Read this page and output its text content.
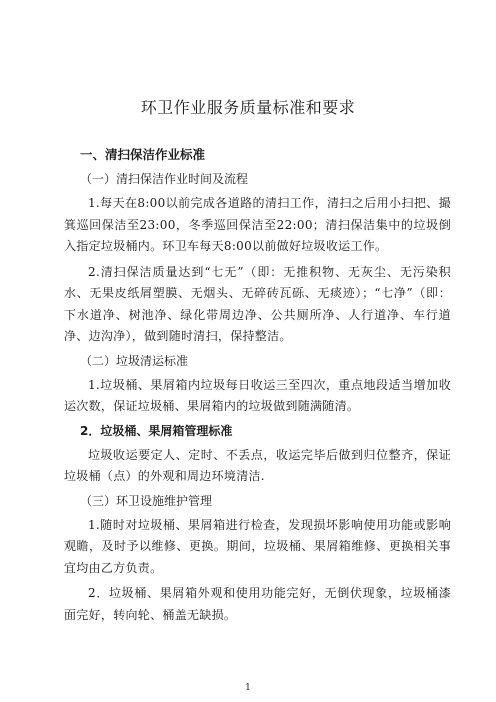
环卫作业服务质量标准和要求
一、清扫保洁作业标准
（一）清扫保洁作业时间及流程

1.每天在8:00以前完成各道路的清扫工作，清扫之后用小扫把、撮箕巡回保洁至23:00，冬季巡回保洁至22:00；清扫保洁集中的垃圾倒入指定垃圾桶内。环卫车每天8:00以前做好垃圾收运工作。

2.清扫保洁质量达到“七无”（即：无推积物、无灰尘、无污染积水、无果皮纸屑塑膜、无烟头、无碎砖瓦砾、无痰迹）；“七净”（即：下水道净、树池净、绿化带周边净、公共厕所净、人行道净、车行道净、边沟净），做到随时清扫，保持整洁。

（二）垃圾清运标准

1.垃圾桶、果屑箱内垃圾每日收运三至四次，重点地段适当增加收运次数，保证垃圾桶、果屑箱内的垃圾做到随满随清。

2．垃圾桶、果屑箱管理标准

垃圾收运要定人、定时、不丢点，收运完毕后做到归位整齐，保证垃圾桶（点）的外观和周边环境清洁.

（三）环卫设施维护管理

1.随时对垃圾桶、果屑箱进行检查，发现损坏影响使用功能或影响观瞻，及时予以维修、更换。期间，垃圾桶、果屑箱维修、更换相关事宜均由乙方负责。

2．垃圾桶、果屑箱外观和使用功能完好，无倒伏现象，垃圾桶漆面完好，转向轮、桶盖无缺损。

1
